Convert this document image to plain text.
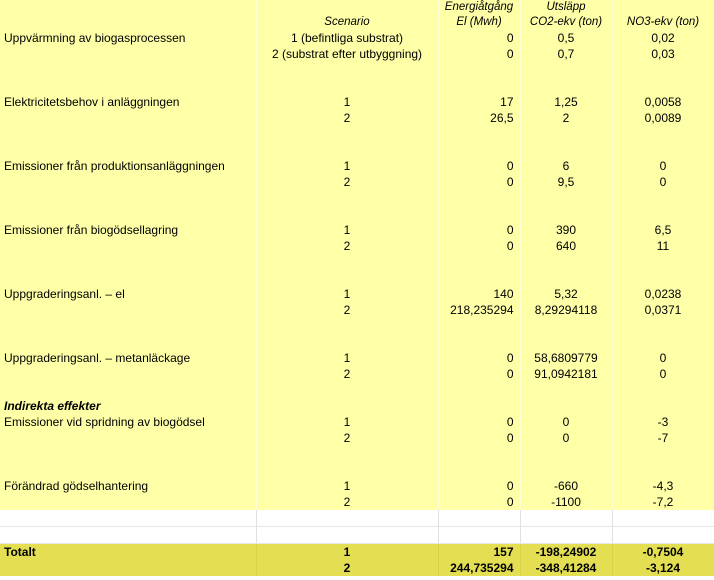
		Energiåtgång	Utsläpp	
	Scenario	El (Mwh)	CO2-ekv (ton)	NO3-ekv (ton)
Uppvärmning av biogasprocessen	1 (befintliga substrat)	0	0,5	0,02
	2 (substrat efter utbyggning)	0	0,7	0,03

Elektricitetsbehov i anläggningen	1	17	1,25	0,0058
	2	26,5	2	0,0089

Emissioner från produktionsanläggningen	1	0	6	0
	2	0	9,5	0

Emissioner från biogödsellagring	1	0	390	6,5
	2	0	640	11

Uppgraderingsanl. – el	1	140	5,32	0,0238
	2	218,235294	8,29294118	0,0371

Uppgraderingsanl. – metanläckage	1	0	58,6809779	0
	2	0	91,0942181	0

Indirekta effekter				
Emissioner vid spridning av biogödsel	1	0	0	-3
	2	0	0	-7

Förändrad gödselhantering	1	0	-660	-4,3
	2	0	-1100	-7,2

Totalt	1	157	-198,24902	-0,7504
	2	244,735294	-348,41284	-3,124
